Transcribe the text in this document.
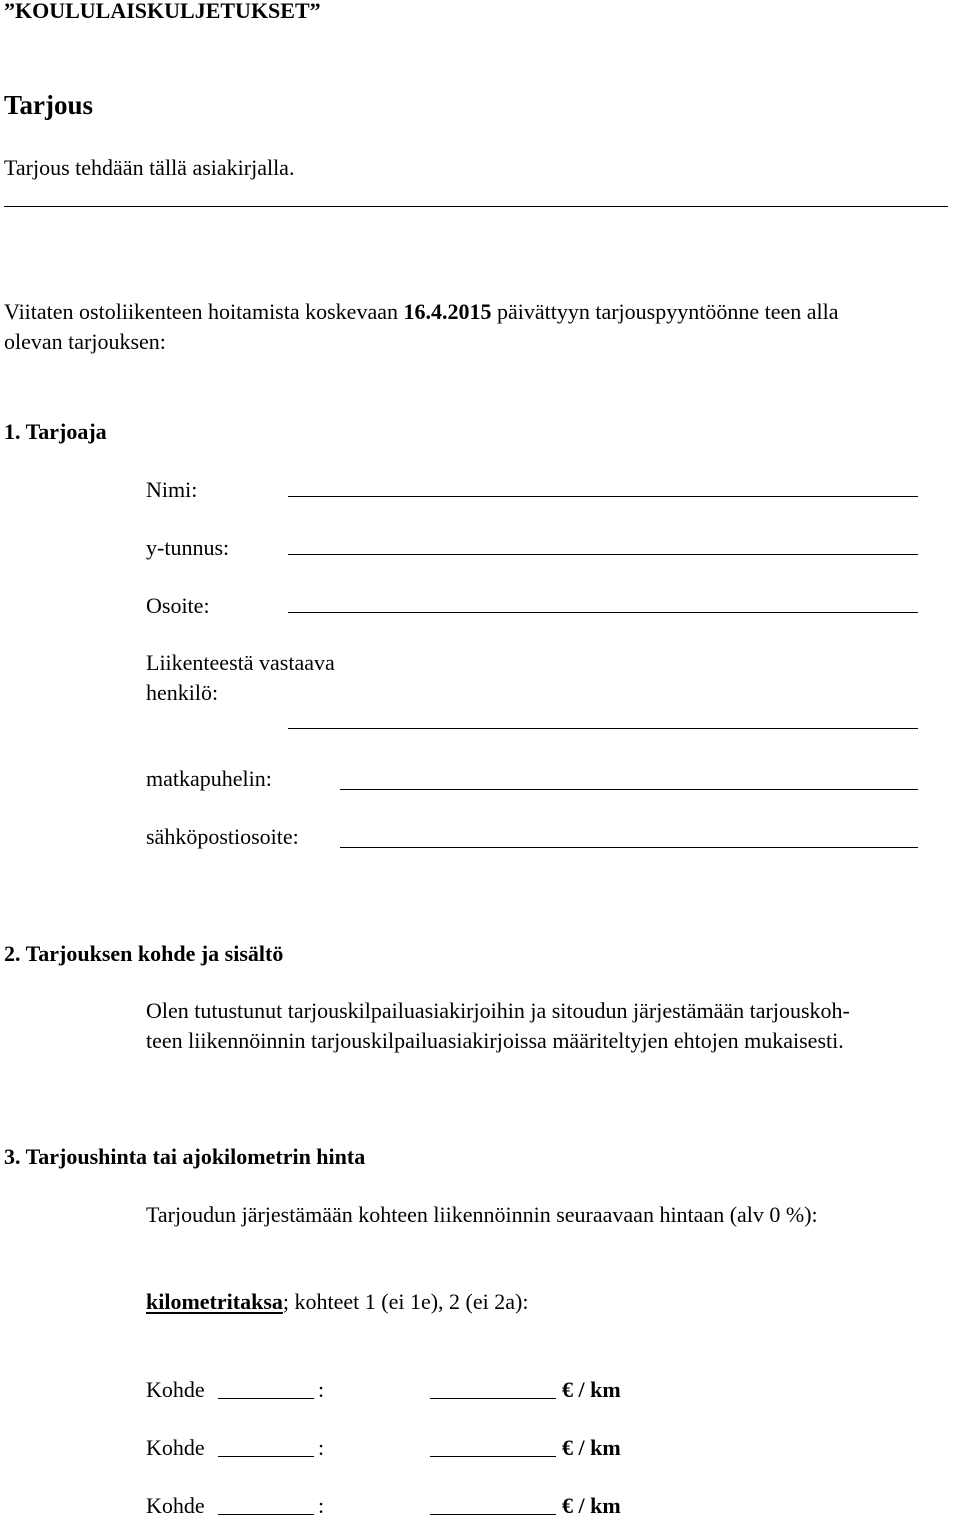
”KOULULAISKULJETUKSET”
Tarjous
Tarjous tehdään tällä asiakirjalla.
Viitaten ostoliikenteen hoitamista koskevaan 16.4.2015 päivättyyn tarjouspyyntöönne teen alla
olevan tarjouksen:
1. Tarjoaja
Nimi:
y-tunnus:
Osoite:
Liikenteestä vastaava
henkilö:
matkapuhelin:
sähköpostiosoite:
2. Tarjouksen kohde ja sisältö
Olen tutustunut tarjouskilpailuasiakirjoihin ja sitoudun järjestämään tarjouskoh-
teen liikennöinnin tarjouskilpailuasiakirjoissa määriteltyjen ehtojen mukaisesti.
3. Tarjoushinta tai ajokilometrin hinta
Tarjoudun järjestämään kohteen liikennöinnin seuraavaan hintaan (alv 0 %):
kilometritaksa; kohteet 1 (ei 1e), 2 (ei 2a):
Kohde	:	€ / km
Kohde	:	€ / km
Kohde	:	€ / km
